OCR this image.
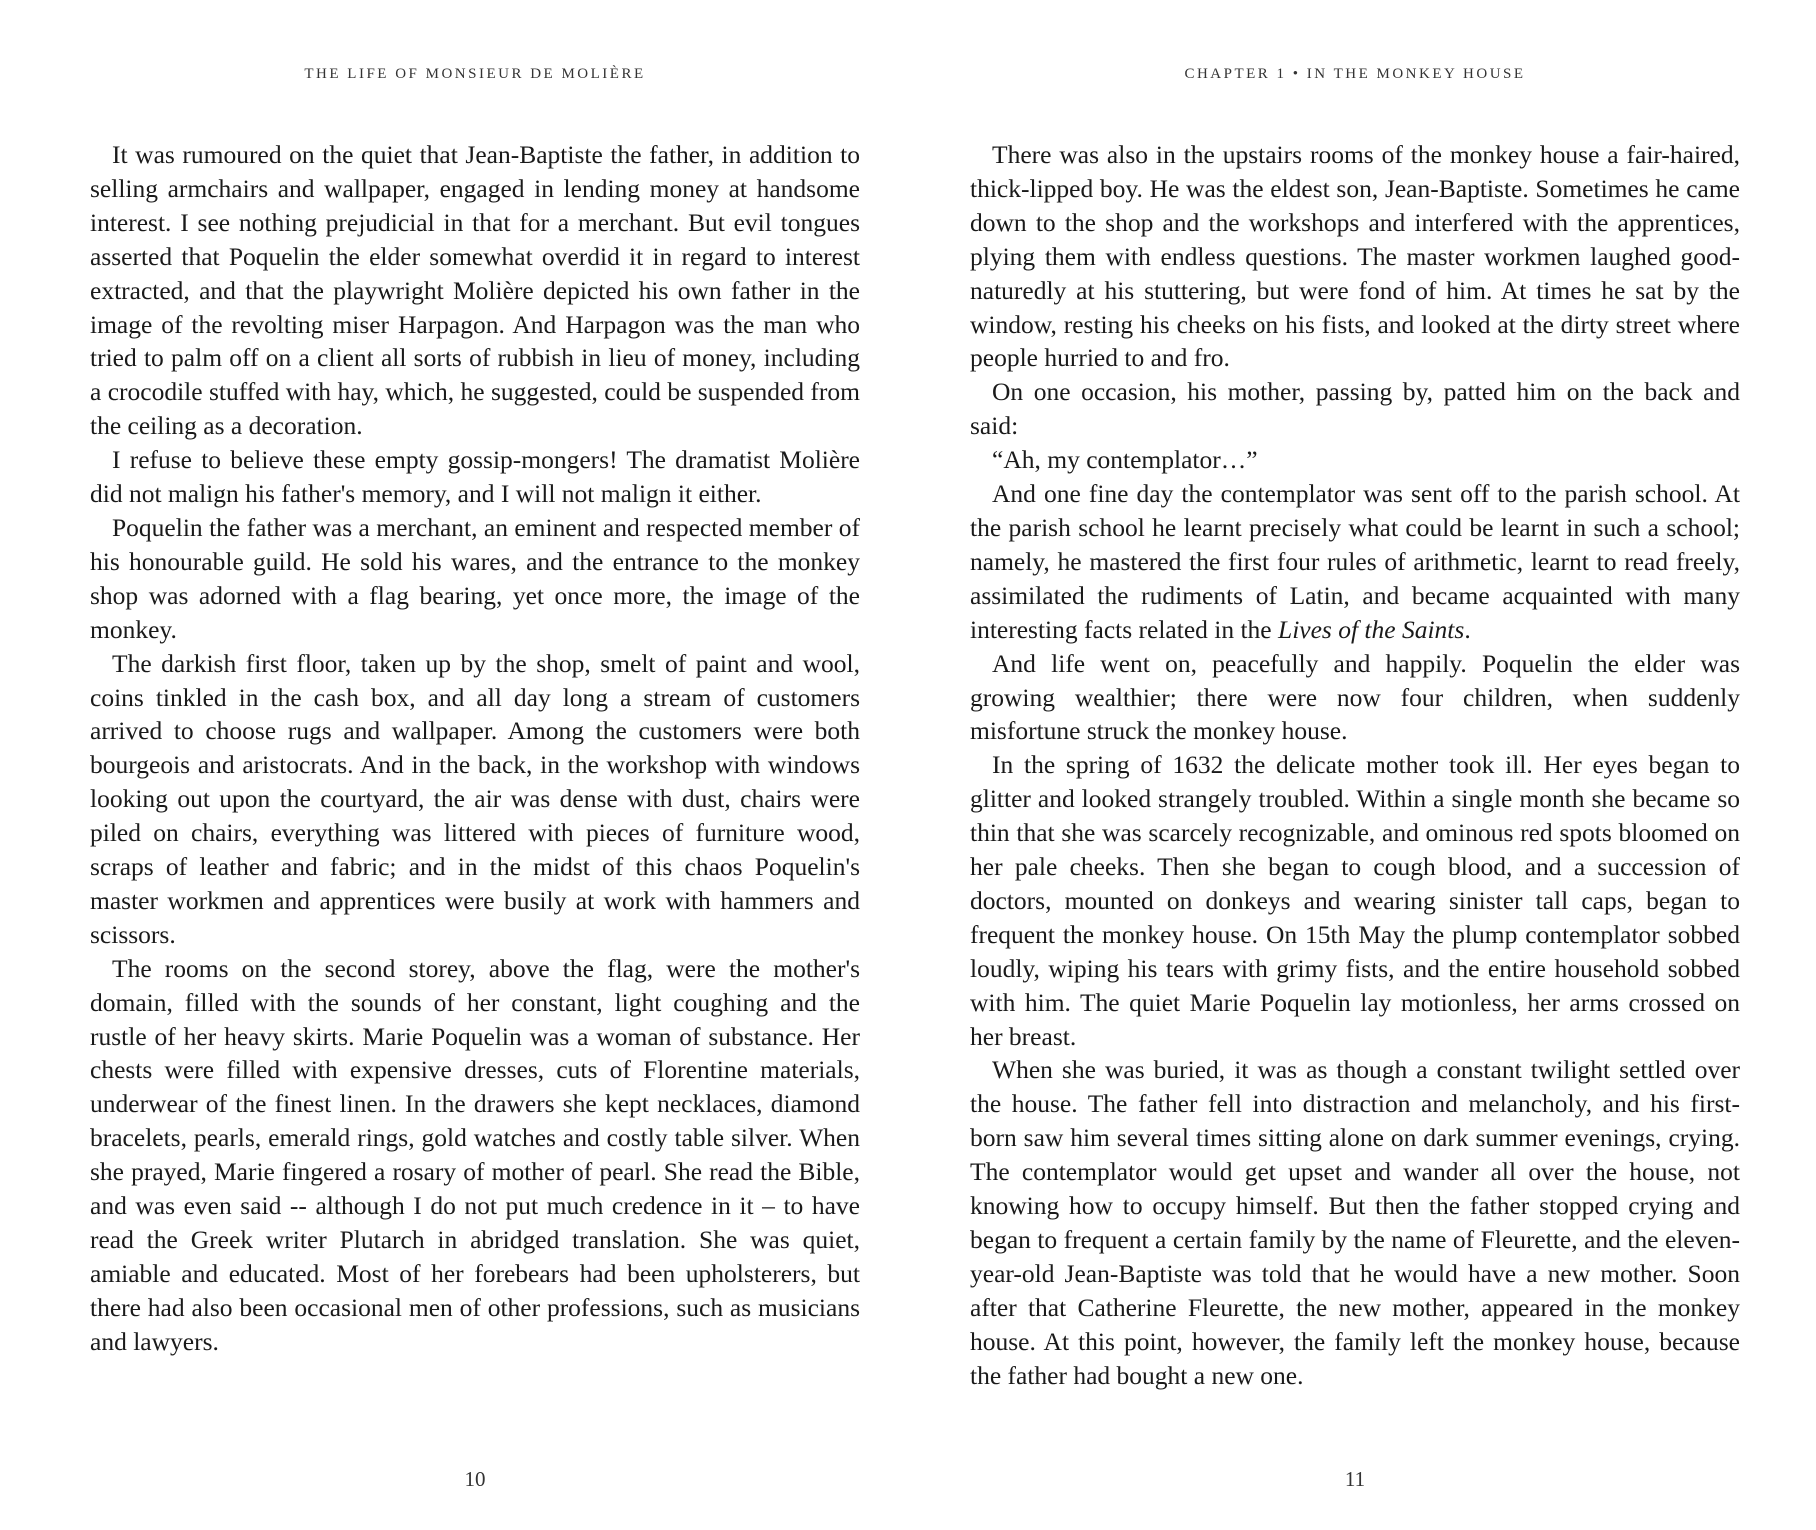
THE LIFE OF MONSIEUR DE MOLIÈRE

It was rumoured on the quiet that Jean-Baptiste the father, in addition to selling armchairs and wallpaper, engaged in lending money at handsome interest. I see nothing prejudicial in that for a merchant. But evil tongues asserted that Poquelin the elder somewhat overdid it in regard to interest extracted, and that the playwright Molière depicted his own father in the image of the revolting miser Harpagon. And Harpagon was the man who tried to palm off on a client all sorts of rubbish in lieu of money, including a crocodile stuffed with hay, which, he suggested, could be suspended from the ceiling as a decoration.

I refuse to believe these empty gossip-mongers! The dramatist Molière did not malign his father's memory, and I will not malign it either.

Poquelin the father was a merchant, an eminent and respected member of his honourable guild. He sold his wares, and the entrance to the monkey shop was adorned with a flag bearing, yet once more, the image of the monkey.

The darkish first floor, taken up by the shop, smelt of paint and wool, coins tinkled in the cash box, and all day long a stream of customers arrived to choose rugs and wallpaper. Among the customers were both bourgeois and aristocrats. And in the back, in the workshop with windows looking out upon the courtyard, the air was dense with dust, chairs were piled on chairs, everything was littered with pieces of furniture wood, scraps of leather and fabric; and in the midst of this chaos Poquelin's master workmen and apprentices were busily at work with hammers and scissors.

The rooms on the second storey, above the flag, were the mother's domain, filled with the sounds of her constant, light coughing and the rustle of her heavy skirts. Marie Poquelin was a woman of substance. Her chests were filled with expensive dresses, cuts of Florentine materials, underwear of the finest linen. In the drawers she kept necklaces, diamond bracelets, pearls, emerald rings, gold watches and costly table silver. When she prayed, Marie fingered a rosary of mother of pearl. She read the Bible, and was even said -- although I do not put much credence in it – to have read the Greek writer Plutarch in abridged translation. She was quiet, amiable and educated. Most of her forebears had been upholsterers, but there had also been occasional men of other professions, such as musicians and lawyers.

10
CHAPTER 1 • IN THE MONKEY HOUSE

There was also in the upstairs rooms of the monkey house a fair-haired, thick-lipped boy. He was the eldest son, Jean-Baptiste. Sometimes he came down to the shop and the workshops and interfered with the apprentices, plying them with endless questions. The master workmen laughed good-naturedly at his stuttering, but were fond of him. At times he sat by the window, resting his cheeks on his fists, and looked at the dirty street where people hurried to and fro.

On one occasion, his mother, passing by, patted him on the back and said:

“Ah, my contemplator…”

And one fine day the contemplator was sent off to the parish school. At the parish school he learnt precisely what could be learnt in such a school; namely, he mastered the first four rules of arithmetic, learnt to read freely, assimilated the rudiments of Latin, and became acquainted with many interesting facts related in the Lives of the Saints.

And life went on, peacefully and happily. Poquelin the elder was growing wealthier; there were now four children, when suddenly misfortune struck the monkey house.

In the spring of 1632 the delicate mother took ill. Her eyes began to glitter and looked strangely troubled. Within a single month she became so thin that she was scarcely recognizable, and ominous red spots bloomed on her pale cheeks. Then she began to cough blood, and a succession of doctors, mounted on donkeys and wearing sinister tall caps, began to frequent the monkey house. On 15th May the plump contemplator sobbed loudly, wiping his tears with grimy fists, and the entire household sobbed with him. The quiet Marie Poquelin lay motionless, her arms crossed on her breast.

When she was buried, it was as though a constant twilight settled over the house. The father fell into distraction and melancholy, and his first-born saw him several times sitting alone on dark summer evenings, crying. The contemplator would get upset and wander all over the house, not knowing how to occupy himself. But then the father stopped crying and began to frequent a certain family by the name of Fleurette, and the eleven-year-old Jean-Baptiste was told that he would have a new mother. Soon after that Catherine Fleurette, the new mother, appeared in the monkey house. At this point, however, the family left the monkey house, because the father had bought a new one.

11
